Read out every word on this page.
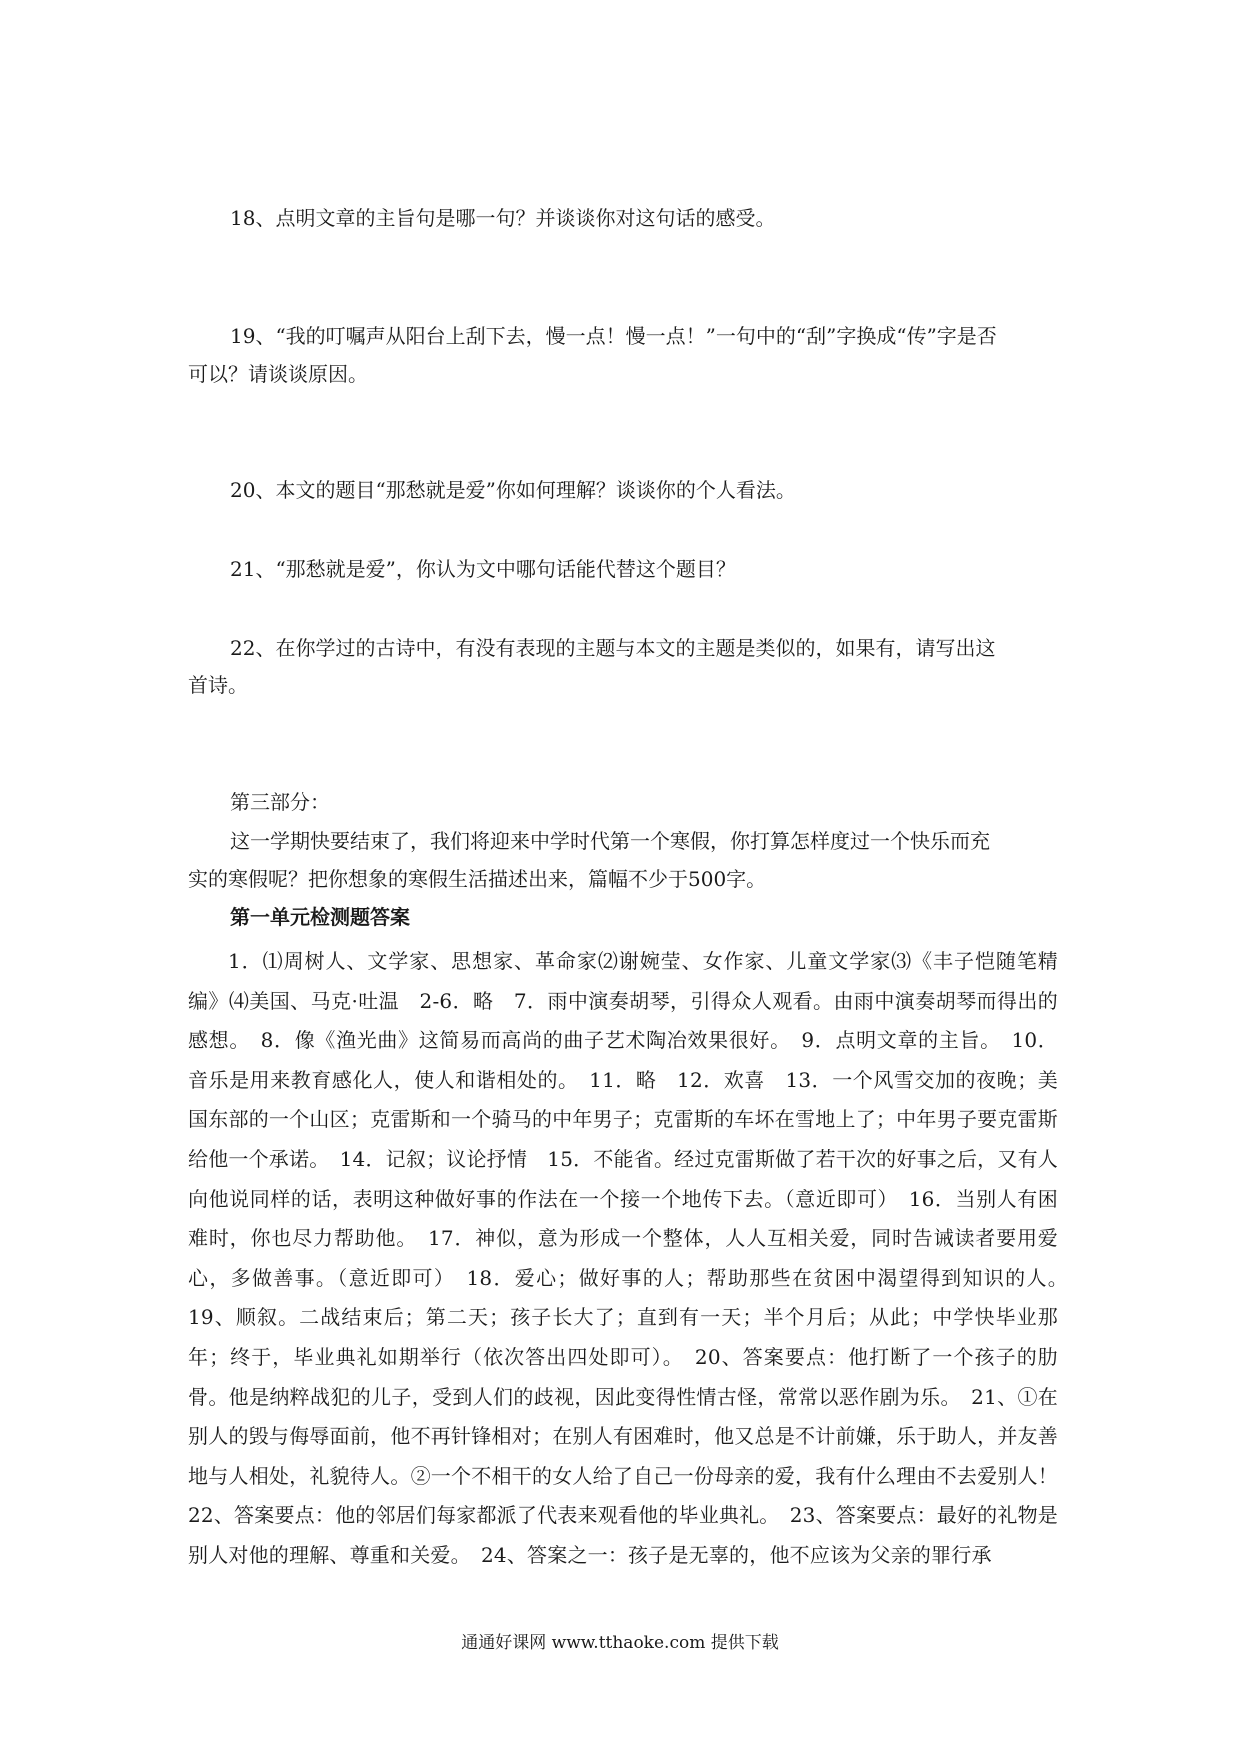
18、点明文章的主旨句是哪一句？并谈谈你对这句话的感受。
19、“我的叮嘱声从阳台上刮下去，慢一点！慢一点！”一句中的“刮”字换成“传”字是否
可以？请谈谈原因。
20、本文的题目“那愁就是爱”你如何理解？谈谈你的个人看法。
21、“那愁就是爱”，你认为文中哪句话能代替这个题目？
22、在你学过的古诗中，有没有表现的主题与本文的主题是类似的，如果有，请写出这
首诗。
第三部分：
这一学期快要结束了，我们将迎来中学时代第一个寒假，你打算怎样度过一个快乐而充
实的寒假呢？把你想象的寒假生活描述出来，篇幅不少于500字。
第一单元检测题答案
1．⑴周树人、文学家、思想家、革命家⑵谢婉莹、女作家、儿童文学家⑶《丰子恺随笔精编》⑷美国、马克·吐温　2-6．略　7．雨中演奏胡琴，引得众人观看。由雨中演奏胡琴而得出的感想。　8．像《渔光曲》这简易而高尚的曲子艺术陶冶效果很好。　9．点明文章的主旨。　10．音乐是用来教育感化人，使人和谐相处的。　11．略　12．欢喜　13．一个风雪交加的夜晚；美国东部的一个山区；克雷斯和一个骑马的中年男子；克雷斯的车坏在雪地上了；中年男子要克雷斯给他一个承诺。　14．记叙；议论抒情　15．不能省。经过克雷斯做了若干次的好事之后，又有人向他说同样的话，表明这种做好事的作法在一个接一个地传下去。（意近即可）　16．当别人有困难时，你也尽力帮助他。　17．神似，意为形成一个整体，人人互相关爱，同时告诫读者要用爱心，多做善事。（意近即可）　18．爱心；做好事的人；帮助那些在贫困中渴望得到知识的人。　19、顺叙。二战结束后；第二天；孩子长大了；直到有一天；半个月后；从此；中学快毕业那年；终于，毕业典礼如期举行（依次答出四处即可）。　20、答案要点：他打断了一个孩子的肋骨。他是纳粹战犯的儿子，受到人们的歧视，因此变得性情古怪，常常以恶作剧为乐。　21、①在别人的毁与侮辱面前，他不再针锋相对；在别人有困难时，他又总是不计前嫌，乐于助人，并友善地与人相处，礼貌待人。②一个不相干的女人给了自己一份母亲的爱，我有什么理由不去爱别人！　22、答案要点：他的邻居们每家都派了代表来观看他的毕业典礼。　23、答案要点：最好的礼物是别人对他的理解、尊重和关爱。　24、答案之一：孩子是无辜的，他不应该为父亲的罪行承
通通好课网 www.tthaoke.com 提供下载
